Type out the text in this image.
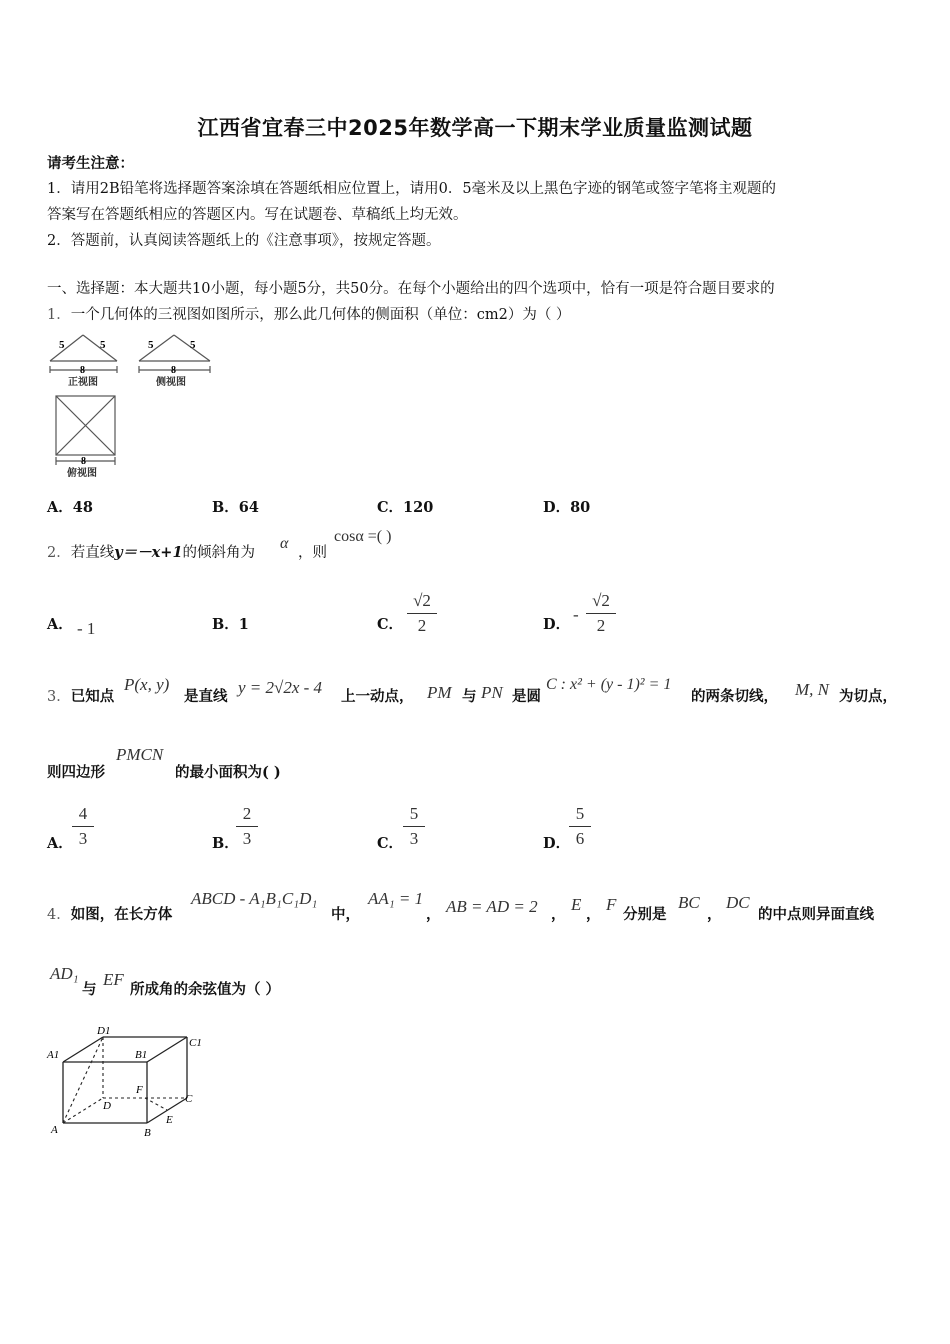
江西省宜春三中2025年数学高一下期末学业质量监测试题
请考生注意：
1．请用2B铅笔将选择题答案涂填在答题纸相应位置上，请用0．5毫米及以上黑色字迹的钢笔或签字笔将主观题的
答案写在答题纸相应的答题区内。写在试题卷、草稿纸上均无效。
2．答题前，认真阅读答题纸上的《注意事项》，按规定答题。
一、选择题：本大题共10小题，每小题5分，共50分。在每个小题给出的四个选项中，恰有一项是符合题目要求的
1．一个几何体的三视图如图所示，那么此几何体的侧面积（单位：cm2）为（ ）
5	5
8
正视图
5	5
8
侧视图
8
俯视图
A．48	B．64	C．120	D．80
2．若直线y＝－x+1的倾斜角为
α
，则
cosα =( )
A． - 1	B．1	C．
√2
2	D．
-
√2
2
3．已知点
P(x, y)
是直线 y = 2√2x - 4 上一动点， PM 与 PN 是圆
C : x² + (y - 1)² = 1
的两条切线， M, N 为切点，
则四边形
PMCN
的最小面积为( )
A．
4
3	B．
2
3	C．
5
3	D．
5
6
4．如图，在长方体
ABCD - A₁B₁C₁D₁
中，
AA₁ = 1
， AB = AD = 2 ，
E
，
F
分别是
BC
，
DC
的中点则异面直线
AD₁
与
EF
所成角的余弦值为（ ）
D1
A1	B1
C1
F
D
C
A	B
E
